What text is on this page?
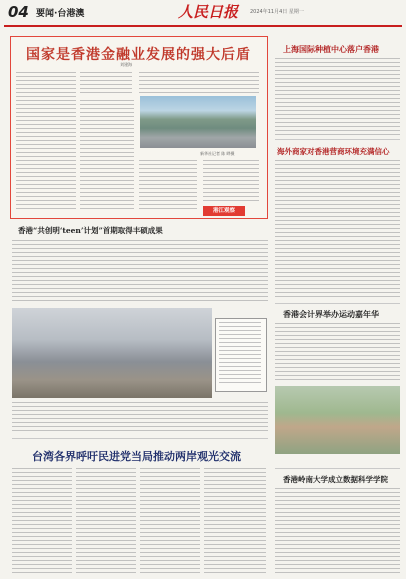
04 要闻·台港澳	人民日报 2024年11月4日 星期一
国家是香港金融业发展的强大后盾
刘建海
新华社记者 陈 晔摄
港江观察
上海国际种植中心落户香港
海外商家对香港营商环境充满信心
香港会计界举办运动嘉年华
香港岭南大学成立数据科学学院
香港“共创明‘teen’计划”首期取得丰硕成果
台湾各界呼吁民进党当局推动两岸观光交流
